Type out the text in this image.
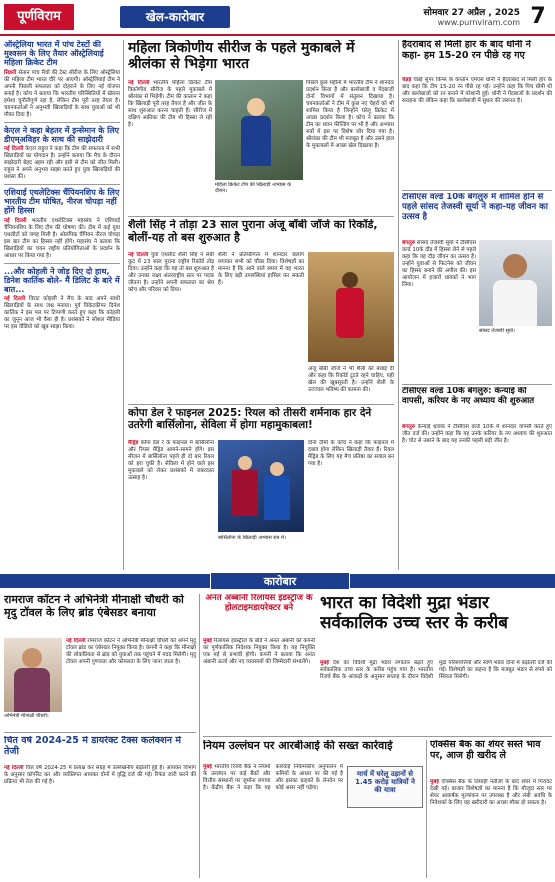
पूर्णविराम	खेल-कारोबार	सोमवार 27 अप्रैल , 2025
www.purnviram.com 7
ऑस्ट्रेलिया भारत में पांच टेस्टों की मुश्वसन के लिए तैयार ऑस्ट्रेलियाई महिला क्रिकेट टीम
सिडनी सेतान पांच मैचों की टेस्ट सीरीज के लिए ऑस्ट्रेलिया की महिला टीम भारत दौरे पर आएगी। ऑस्ट्रेलियाई टीम ने अपनी पिछली सफलता को दोहराने के लिए नई योजना बनाई है। कोच ने बताया कि भारतीय परिस्थितियों में खेलना हमेशा चुनौतीपूर्ण रहा है, लेकिन टीम पूरी तरह तैयार है। चयनकर्ताओं ने अनुभवी खिलाड़ियों के साथ युवाओं को भी मौका दिया है।
केएल ने कहा बेहतर में इन्सेमान के लिए डीएम्अविहर के साथ की साझेदारी
नई दिल्ली केएल राहुल ने कहा कि टीम की सफलता में सभी खिलाड़ियों का योगदान है। उन्होंने बताया कि मैच के दौरान साझेदारी बेहद अहम रही और इसी से टीम को जीत मिली। राहुल ने अपने अनुभव साझा करते हुए युवा खिलाड़ियों की प्रशंसा की।
एशियाई एथलेटिक्स चैंपियनशिप के लिए भारतीय टीम घोषित, नीरज चोपड़ा नहीं होंगे हिस्सा
नई दिल्ली भारतीय एथलेटिक्स महासंघ ने एशियाई चैंपियनशिप के लिए टीम की घोषणा की। टीम में कई युवा एथलीटों को जगह मिली है। ओलंपिक चैंपियन नीरज चोपड़ा इस बार टीम का हिस्सा नहीं होंगे। महासंघ ने बताया कि खिलाड़ियों का चयन राष्ट्रीय प्रतियोगिताओं के प्रदर्शन के आधार पर किया गया है।
...और कोहली ने जोड़ दिए दो हाथ, डिनेश कार्तिक बोले- मैं डिलिट के बारे में बात...
नई दिल्ली विराट कोहली ने मैच के बाद अपने साथी खिलाड़ियों के साथ जश्न मनाया। पूर्व विकेटकीपर दिनेश कार्तिक ने इस पल पर टिप्पणी करते हुए कहा कि कोहली का जुनून आज भी वैसा ही है। प्रशंसकों ने सोशल मीडिया पर इस वीडियो को खूब साझा किया।
महिला त्रिकोणीय सीरीज के पहले मुकाबले में श्रीलंका से भिड़ेगा भारत
नई दिल्ली भारतीय महिला क्रिकेट टीम त्रिकोणीय सीरीज के पहले मुकाबले में श्रीलंका से भिड़ेगी। टीम की कप्तान ने कहा कि खिलाड़ी पूरी तरह तैयार हैं और जीत के साथ शुरुआत करना चाहती हैं। सीरीज में दक्षिण अफ्रीका की टीम भी हिस्सा ले रही है।
महिला क्रिकेट टीम की खिलाड़ी अभ्यास के दौरान।
पिछले कुछ महीनों में भारतीय टीम ने शानदार प्रदर्शन किया है और बल्लेबाजी व गेंदबाजी दोनों विभागों में संतुलन दिखाया है। चयनकर्ताओं ने टीम में कुछ नए चेहरों को भी शामिल किया है जिन्होंने घरेलू क्रिकेट में अच्छा प्रदर्शन किया है। कोच ने बताया कि टीम का ध्यान फील्डिंग पर भी है और अभ्यास सत्रों में इस पर विशेष जोर दिया गया है। श्रीलंका की टीम भी मजबूत है और उसने हाल के मुकाबलों में अच्छा खेल दिखाया है।
शैली सिंह ने तोड़ा 23 साल पुराना अंजू बॉबी जॉर्ज का रिकॉर्ड, बोलीं-यह तो बस शुरुआत है
नई दिल्ली युवा एथलीट शैली सिंह ने लंबी कूद में 23 साल पुराना राष्ट्रीय रिकॉर्ड तोड़ दिया। उन्होंने कहा कि यह तो बस शुरुआत है और उनका लक्ष्य अंतरराष्ट्रीय स्तर पर पदक जीतना है। उन्होंने अपनी सफलता का श्रेय कोच और परिवार को दिया।
शैली ने प्रतियोगिता में शानदार छलांग लगाकर सभी को चौंका दिया। विशेषज्ञों का मानना है कि आने वाले समय में वह भारत के लिए बड़ी उपलब्धियां हासिल कर सकती हैं।
अंजू बॉबी जॉर्ज ने भी शैली को बधाई दी और कहा कि रिकॉर्ड टूटते रहने चाहिए, यही खेल की खूबसूरती है। उन्होंने शैली के उज्ज्वल भविष्य की कामना की।
कोपा डेल रे फाइनल 2025: रियल को तीसरी शर्मनाक हार देने उतरेगी बार्सिलोना, सेविला में होगा महामुकाबला!
मैड्रिड कोपा डेल रे के फाइनल में बार्सिलोना और रियल मैड्रिड आमने-सामने होंगे। इस सीजन में बार्सिलोना पहले ही दो बार रियल को हरा चुकी है। सेविला में होने वाले इस मुकाबले को लेकर प्रशंसकों में जबरदस्त उत्साह है।
बार्सिलोना के खिलाड़ी अभ्यास सत्र में।
दोनों टीमों के कोच ने कहा कि फाइनल में दबाव होगा लेकिन खिलाड़ी तैयार हैं। रियल मैड्रिड के लिए यह मैच प्रतिष्ठा का सवाल बन गया है।
हैदराबाद से मिली हार के बाद धोनी ने कहा- हम 15-20 रन पीछे रह गए
चेन्नई चेन्नई सुपर किंग्स के कप्तान एमएस धोनी ने हैदराबाद से मिली हार के बाद कहा कि टीम 15-20 रन पीछे रह गई। उन्होंने कहा कि पिच धीमी थी और बल्लेबाजों को रन बनाने में परेशानी हुई। धोनी ने गेंदबाजों के प्रदर्शन की सराहना की लेकिन कहा कि बल्लेबाजी में सुधार की जरूरत है।
टीसीएस वर्ल्ड 10के बेंगलुरु में शामिल होने से पहले सांसद तेजस्वी सूर्या ने कहा-यह जीवन का उत्सव है
बेंगलुरु सांसद तेजस्वी सूर्या ने टीसीएस वर्ल्ड 10के दौड़ में हिस्सा लेने से पहले कहा कि यह दौड़ जीवन का उत्सव है। उन्होंने युवाओं से फिटनेस को जीवन का हिस्सा बनाने की अपील की। इस आयोजन में हजारों धावकों ने भाग लिया।
सांसद तेजस्वी सूर्या।
टीसीएस वर्ल्ड 10के बेंगलुरु: केन्याई की वापसी, करियर के नए अध्याय की शुरुआत
बेंगलुरु केन्याई धावक ने टीसीएस वर्ल्ड 10के में शानदार वापसी करते हुए जीत दर्ज की। उन्होंने कहा कि यह उनके करियर के नए अध्याय की शुरुआत है। चोट से उबरने के बाद यह उनकी पहली बड़ी जीत है।
कारोबार
रामराज कॉटन ने अभिनेत्री मीनाक्षी चौधरी को मृदु टॉवल के लिए ब्रांड एंबेसडर बनाया
अभिनेत्री मीनाक्षी चौधरी।
नई दिल्ली रामराज कॉटन ने अभिनेत्री मीनाक्षी चौधरी को अपने मृदु टॉवल ब्रांड का एंबेसडर नियुक्त किया है। कंपनी ने कहा कि मीनाक्षी की लोकप्रियता से ब्रांड को युवाओं तक पहुंचने में मदद मिलेगी। मृदु टॉवल अपनी गुणवत्ता और कोमलता के लिए जाना जाता है।
चित वर्ष 2024-25 में डायरेक्ट टैक्स कलेक्शन में तेजी
नई दिल्ली वित्त वर्ष 2024-25 में प्रत्यक्ष कर संग्रह में उल्लेखनीय बढ़ोतरी हुई है। आयकर विभाग के अनुसार कॉर्पोरेट कर और व्यक्तिगत आयकर दोनों में वृद्धि दर्ज की गई। रिफंड जारी करने की प्रक्रिया भी तेज की गई है।
अनंत अब्बानी रिलायंस इंडस्ट्रीज के होलटाइमडायरेक्टर बने
मुंबई रिलायंस इंडस्ट्रीज के बोर्ड ने अनंत अंबानी को कंपनी का पूर्णकालिक निदेशक नियुक्त किया है। यह नियुक्ति एक मई से प्रभावी होगी। कंपनी ने बताया कि अनंत अंबानी ऊर्जा और नए व्यवसायों की जिम्मेदारी संभालेंगे।
भारत का विदेशी मुद्रा भंडार सर्वकालिक उच्च स्तर के करीब
मुंबई देश का विदेशी मुद्रा भंडार लगातार बढ़ते हुए सर्वकालिक उच्च स्तर के करीब पहुंच गया है। भारतीय रिजर्व बैंक के आंकड़ों के अनुसार सप्ताह के दौरान विदेशी मुद्रा परिसंपत्तियों और स्वर्ण भंडार दोनों में बढ़ोतरी दर्ज की गई। विशेषज्ञों का कहना है कि मजबूत भंडार से रुपये को स्थिरता मिलेगी।
नियम उल्लंघन पर आरबीआई की सख्त कार्रवाई
मुंबई भारतीय रिजर्व बैंक ने नियमों के उल्लंघन पर कई बैंकों और वित्तीय संस्थानों पर जुर्माना लगाया है। केंद्रीय बैंक ने कहा कि यह कार्रवाई नियामकीय अनुपालन में कमियों के आधार पर की गई है और इसका ग्राहकों के लेनदेन पर कोई असर नहीं पड़ेगा।
मार्च में घरेलू उड़ानों से 1.45 करोड़ यात्रियों ने की यात्रा
एक्सिस बैंक का शेयर सस्ते भाव पर, आज ही खरीद ले
मुंबई एक्सिस बैंक के तिमाही नतीजों के बाद शेयर में गिरावट देखी गई। बाजार विशेषज्ञों का मानना है कि मौजूदा स्तर पर शेयर आकर्षक मूल्यांकन पर उपलब्ध है और लंबी अवधि के निवेशकों के लिए यह खरीदारी का अच्छा मौका हो सकता है।
